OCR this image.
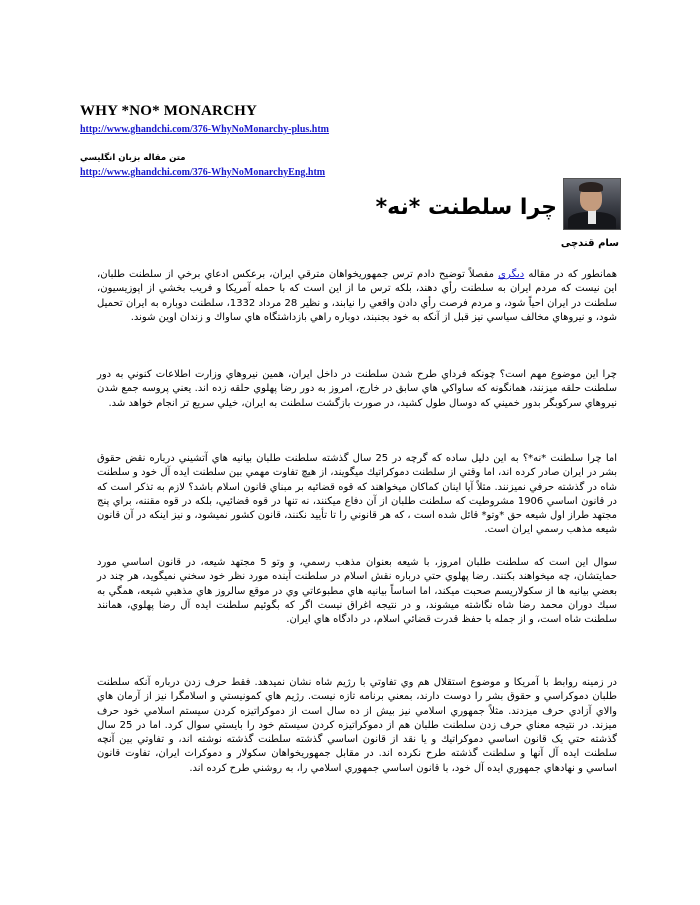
WHY *NO* MONARCHY
http://www.ghandchi.com/376-WhyNoMonarchy-plus.htm
متن مقاله بزبان انگليسي
http://www.ghandchi.com/376-WhyNoMonarchyEng.htm
چرا سلطنت *نه*
سام قندچی
همانطور كه در مقاله ديگري مفصلاً توضيح دادم ترس جمهوريخواهان مترقي ايران، برعكس ادعاي برخي از سلطنت طلبان، اين نيست كه مردم ايران به سلطنت رأي دهند، بلكه ترس ما از اين است كه با حمله آمريكا و فريب بخشي از اپوزيسيون، سلطنت در ايران احياً شود، و مردم فرصت رأي دادن واقعي را نيابند، و نظير 28 مرداد 1332، سلطنت دوباره به ايران تحميل شود، و نيروهاي مخالف سياسي نيز قبل از آنكه به خود بجنبند، دوباره راهي بازداشتگاه هاي ساواك و زندان اوين شوند.
چرا اين موضوع مهم است؟ چونكه فرداي طرح شدن سلطنت در داخل ايران، همين نيروهاي وزارت اطلاعات كنوني به دور سلطنت حلقه ميزنند، همانگونه كه ساواكي هاي سابق در خارج، امروز به دور رضا پهلوي حلقه زده اند. يعني پروسه جمع شدن نيروهاي سركوبگر بدور خميني كه دوسال طول كشيد، در صورت بازگشت سلطنت به ايران، خيلي سريع تر انجام خواهد شد.
اما چرا سلطنت *نه*؟ به اين دليل ساده كه گرچه در 25 سال گذشته سلطنت طلبان بيانيه هاي آتشيني درباره نقض حقوق بشر در ايران صادر كرده اند، اما وقتي از سلطنت دموكراتيك ميگويند، از هيچ تفاوت مهمي بين سلطنت ايده آل خود و سلطنت شاه در گذشته حرفي نميزنند. مثلاً آيا اينان كماكان ميخواهند كه قوه قضائيه بر مبناي قانون اسلام باشد؟ لازم به تذكر است كه در قانون اساسي 1906 مشروطيت كه سلطنت طلبان از آن دفاع ميكنند، نه تنها در قوه قضائيي، بلكه در قوه مقننه، براي پنج مجتهد طراز اول شيعه حق *وتو* قائل شده است ، كه هر قانوني را تا تأييد نكنند، قانون كشور نميشود، و نيز اينكه در آن قانون شيعه مذهب رسمي ايران است.
سوال اين است كه سلطنت طلبان امروز، با شيعه بعنوان مذهب رسمي، و وتو 5 مجتهد شيعه، در قانون اساسي مورد حمايتشان، چه ميخواهند بكنند. رضا پهلوي حتي درباره نقش اسلام در سلطنت آينده مورد نظر خود سخني نميگويد، هر چند در بعضي بيانيه ها از سكولاريسم صحبت ميكند، اما اساساً بيانيه هاي مطبوعاتي وي در موقع سالروز هاي مذهبي شيعه، همگي به سبك دوران محمد رضا شاه نگاشته ميشوند، و در نتيجه اغراق نيست اگر كه بگوئيم سلطنت ايده آل رضا پهلوي، همانند سلطنت شاه است، و از جمله با حفظ قدرت قضائي اسلام، در دادگاه هاي ايران.
در زمينه روابط با آمريكا و موضوع استقلال هم وي تفاوتي با رژيم شاه نشان نميدهد. فقط حرف زدن درباره آنكه سلطنت طلبان دموكراسي و حقوق بشر را دوست دارند، بمعني برنامه تازه نيست. رژيم هاي كمونيستي و اسلامگرا نيز از آرمان هاي والاي آزادي حرف ميزدند. مثلاً جمهوري اسلامي نيز بيش از ده سال است از دموكراتيزه كردن سيستم اسلامي خود حرف ميزند. در نتيجه معناي حرف زدن سلطنت طلبان هم از دموكراتيزه كردن سيستم خود را بايستي سوال كرد. اما در 25 سال گذشته حتي يک قانون اساسي دموكراتيك و يا نقد از قانون اساسي گذشته سلطنت گذشته نوشته اند، و تفاوتي بين آنچه سلطنت ايده آل آنها و سلطنت گذشته طرح نكرده اند. در مقابل جمهوريخواهان سكولار و دموكرات ايران، تفاوت قانون اساسي و نهادهاي جمهوري ايده آل خود، با قانون اساسي جمهوري اسلامي را، به روشني طرح كرده اند.
